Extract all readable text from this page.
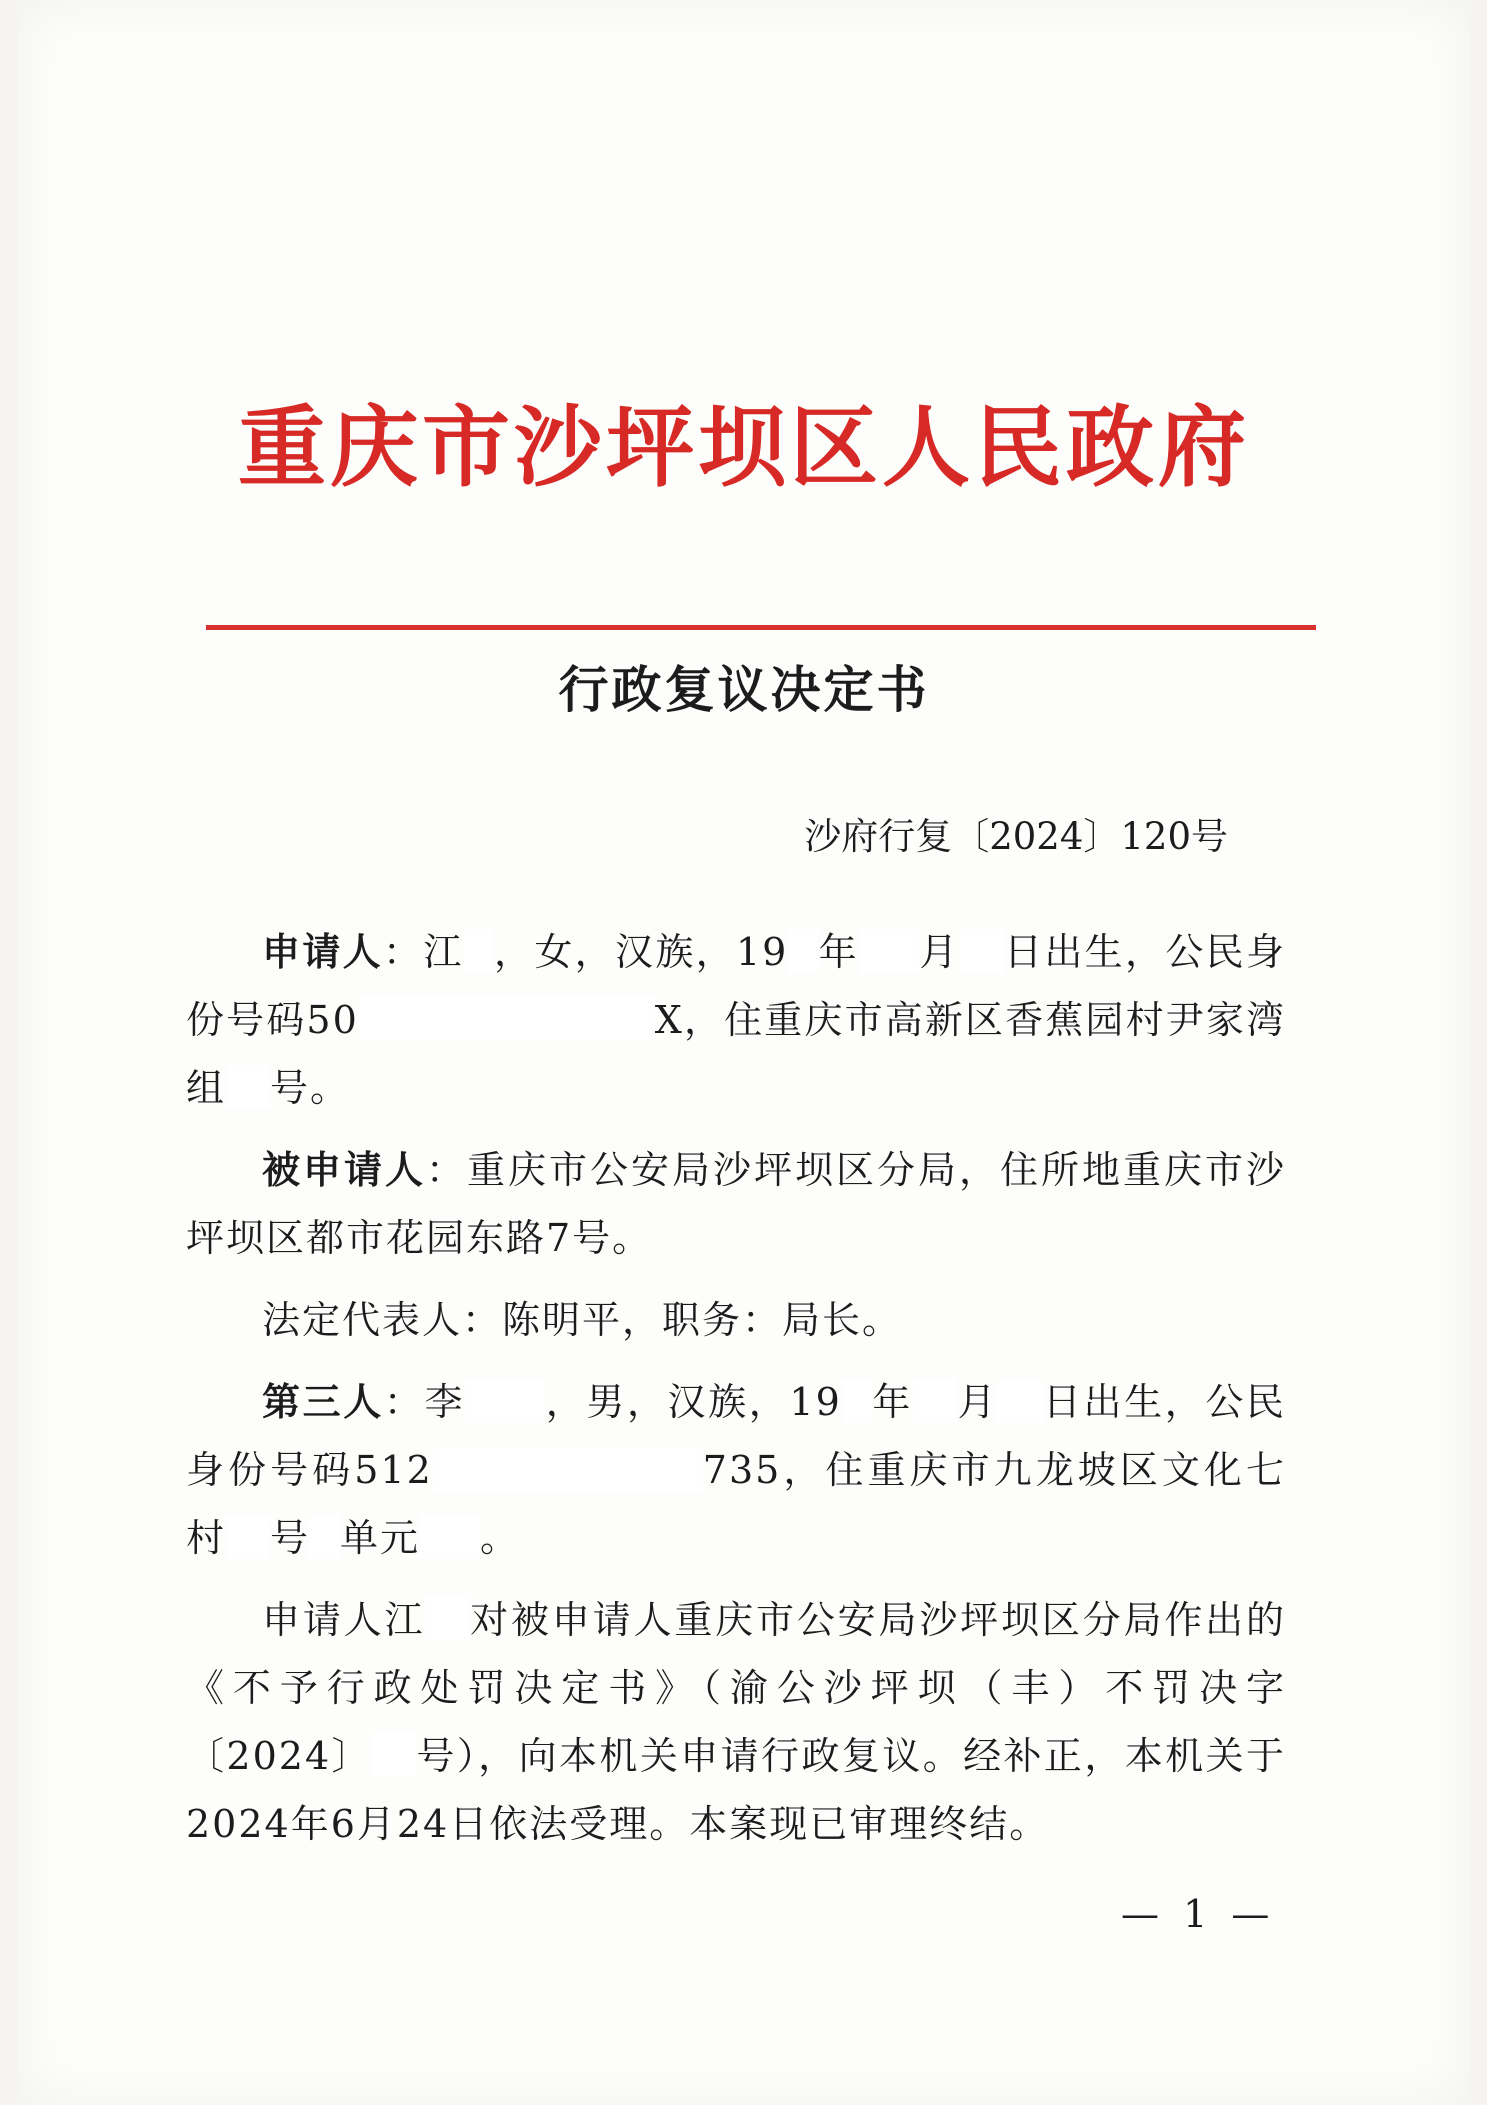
重庆市沙坪坝区人民政府
行政复议决定书
沙府行复〔2024〕120号

申请人：江 ，女，汉族，19 年 月 日出生，公民身份号码50	X，住重庆市高新区香蕉园村尹家湾组 号。

被申请人：重庆市公安局沙坪坝区分局，住所地重庆市沙坪坝区都市花园东路7号。

法定代表人：陈明平，职务：局长。

第三人：李 ，男，汉族，19 年 月 日出生，公民身份号码512	735，住重庆市九龙坡区文化七村 号 单元 。

申请人江 对被申请人重庆市公安局沙坪坝区分局作出的《不予行政处罚决定书》（渝公沙坪坝（丰）不罚决字〔2024〕 号），向本机关申请行政复议。经补正，本机关于2024年6月24日依法受理。本案现已审理终结。

— 1 —
